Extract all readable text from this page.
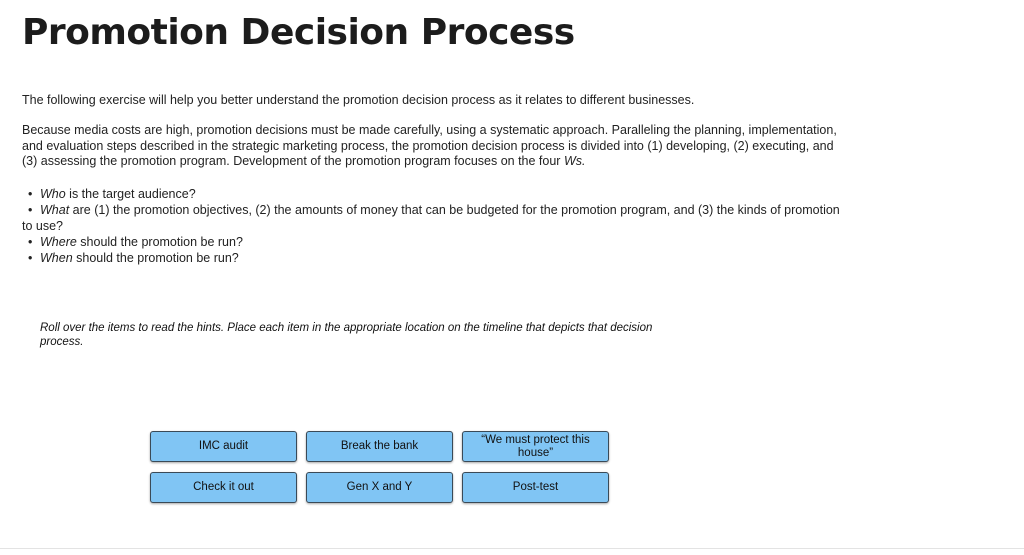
Promotion Decision Process

The following exercise will help you better understand the promotion decision process as it relates to different businesses.

Because media costs are high, promotion decisions must be made carefully, using a systematic approach. Paralleling the planning, implementation, and evaluation steps described in the strategic marketing process, the promotion decision process is divided into (1) developing, (2) executing, and (3) assessing the promotion program. Development of the promotion program focuses on the four Ws.

• Who is the target audience?
• What are (1) the promotion objectives, (2) the amounts of money that can be budgeted for the promotion program, and (3) the kinds of promotion to use?
• Where should the promotion be run?
• When should the promotion be run?

Roll over the items to read the hints. Place each item in the appropriate location on the timeline that depicts that decision process.

IMC audit	Break the bank
“We must protect this house”
Check it out	Gen X and Y	Post-test
